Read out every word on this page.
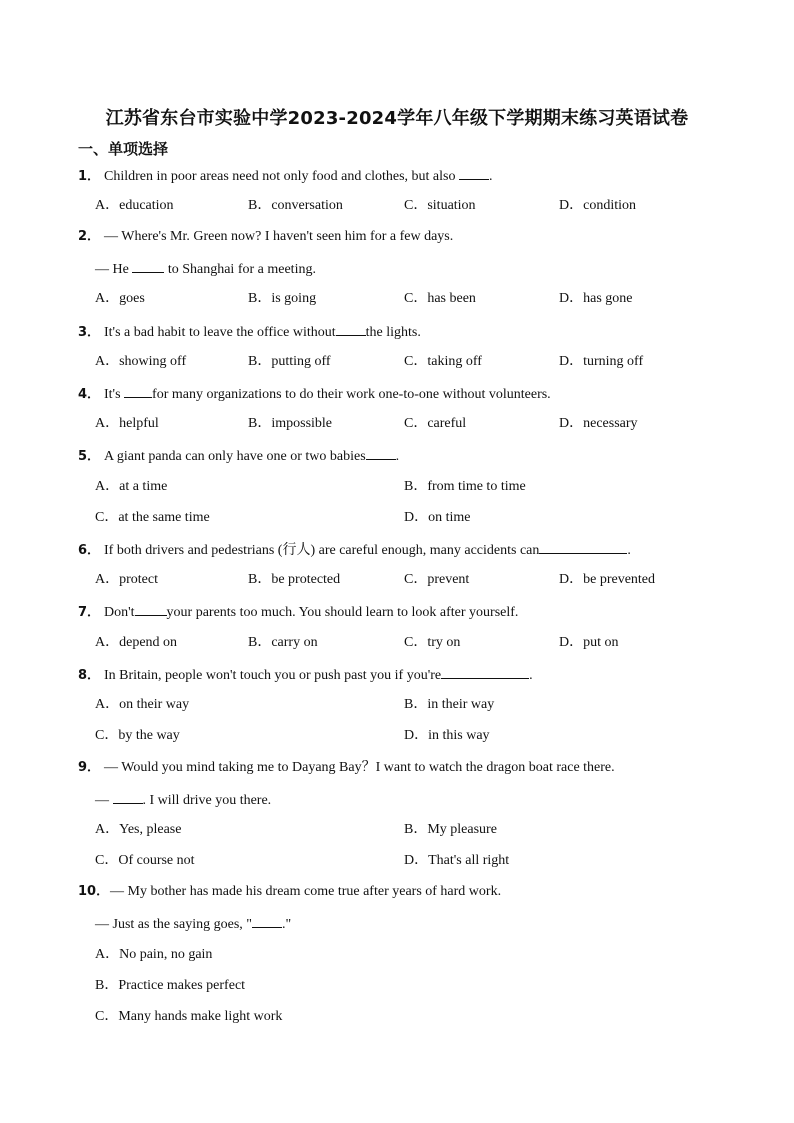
江苏省东台市实验中学2023-2024学年八年级下学期期末练习英语试卷
一、单项选择
1． Children in poor areas need not only food and clothes, but also .
A．education	B．conversation	C．situation	D．condition
2． — Where's Mr. Green now? I haven't seen him for a few days.
— He  to Shanghai for a meeting.
A．goes	B．is going	C．has been	D．has gone
3． It's a bad habit to leave the office without the lights.
A．showing off	B．putting off	C．taking off	D．turning off
4． It's for many organizations to do their work one-to-one without volunteers.
A．helpful	B．impossible	C．careful	D．necessary
5． A giant panda can only have one or two babies .
A．at a time	B．from time to time
C．at the same time	D．on time
6． If both drivers and pedestrians (行人) are careful enough, many accidents can	.
A．protect	B．be protected	C．prevent	D．be prevented
7． Don't your parents too much. You should learn to look after yourself.
A．depend on	B．carry on	C．try on	D．put on
8． In Britain, people won't touch you or push past you if you're	.
A．on their way	B．in their way
C．by the way	D．in this way
9． — Would you mind taking me to Dayang Bay？I want to watch the dragon boat race there.
— . I will drive you there.
A．Yes, please	B．My pleasure
C．Of course not	D．That's all right
10．— My bother has made his dream come true after years of hard work.
— Just as the saying goes, " ."
A．No pain, no gain
B．Practice makes perfect
C．Many hands make light work
